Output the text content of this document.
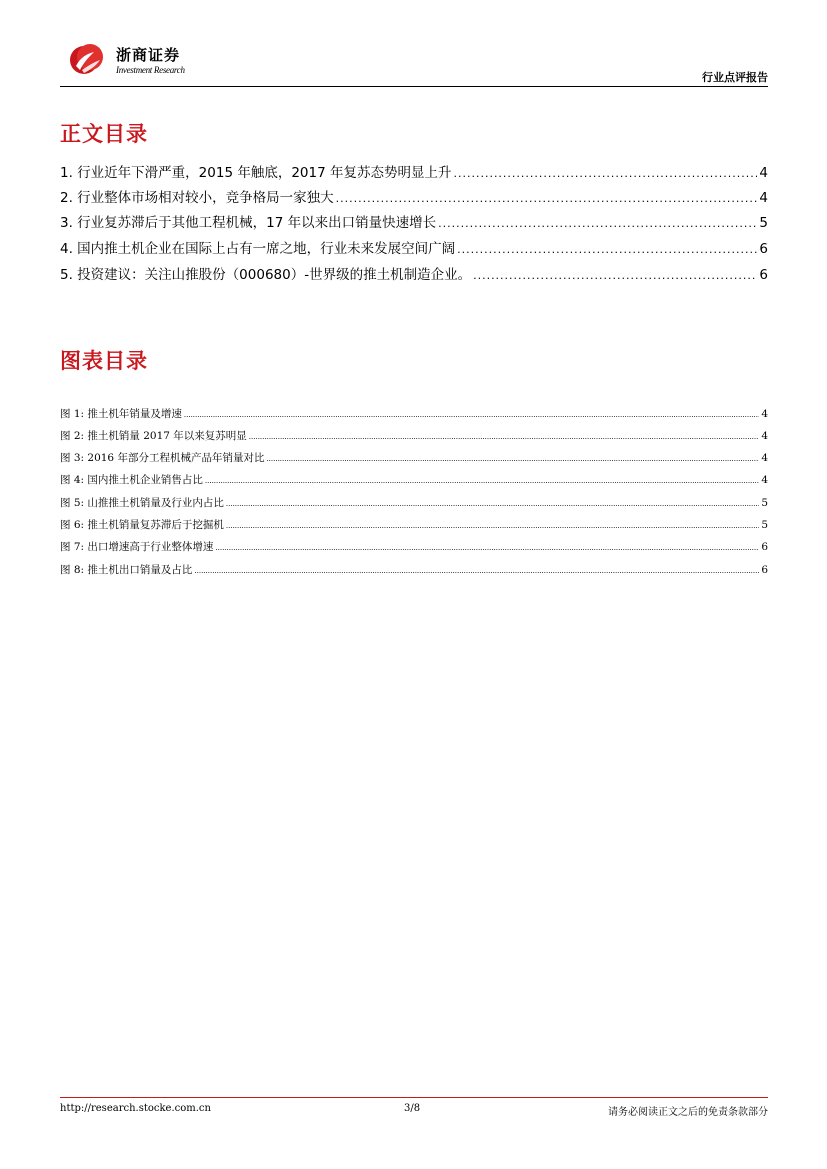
浙商证券
Investment Research
行业点评报告
正文目录
1. 行业近年下滑严重，2015 年触底，2017 年复苏态势明显上升 .....	4
2. 行业整体市场相对较小，竞争格局一家独大 .....	4
3. 行业复苏滞后于其他工程机械，17 年以来出口销量快速增长 .....	5
4. 国内推土机企业在国际上占有一席之地，行业未来发展空间广阔 .....	6
5. 投资建议：关注山推股份（000680）-世界级的推土机制造企业。 .....	6
图表目录
图 1: 推土机年销量及增速 .....	4
图 2: 推土机销量 2017 年以来复苏明显 .....	4
图 3: 2016 年部分工程机械产品年销量对比 .....	4
图 4: 国内推土机企业销售占比 .....	4
图 5: 山推推土机销量及行业内占比 .....	5
图 6: 推土机销量复苏滞后于挖掘机 .....	5
图 7: 出口增速高于行业整体增速 .....	6
图 8: 推土机出口销量及占比 .....	6
http://research.stocke.com.cn	3/8	请务必阅读正文之后的免责条款部分
